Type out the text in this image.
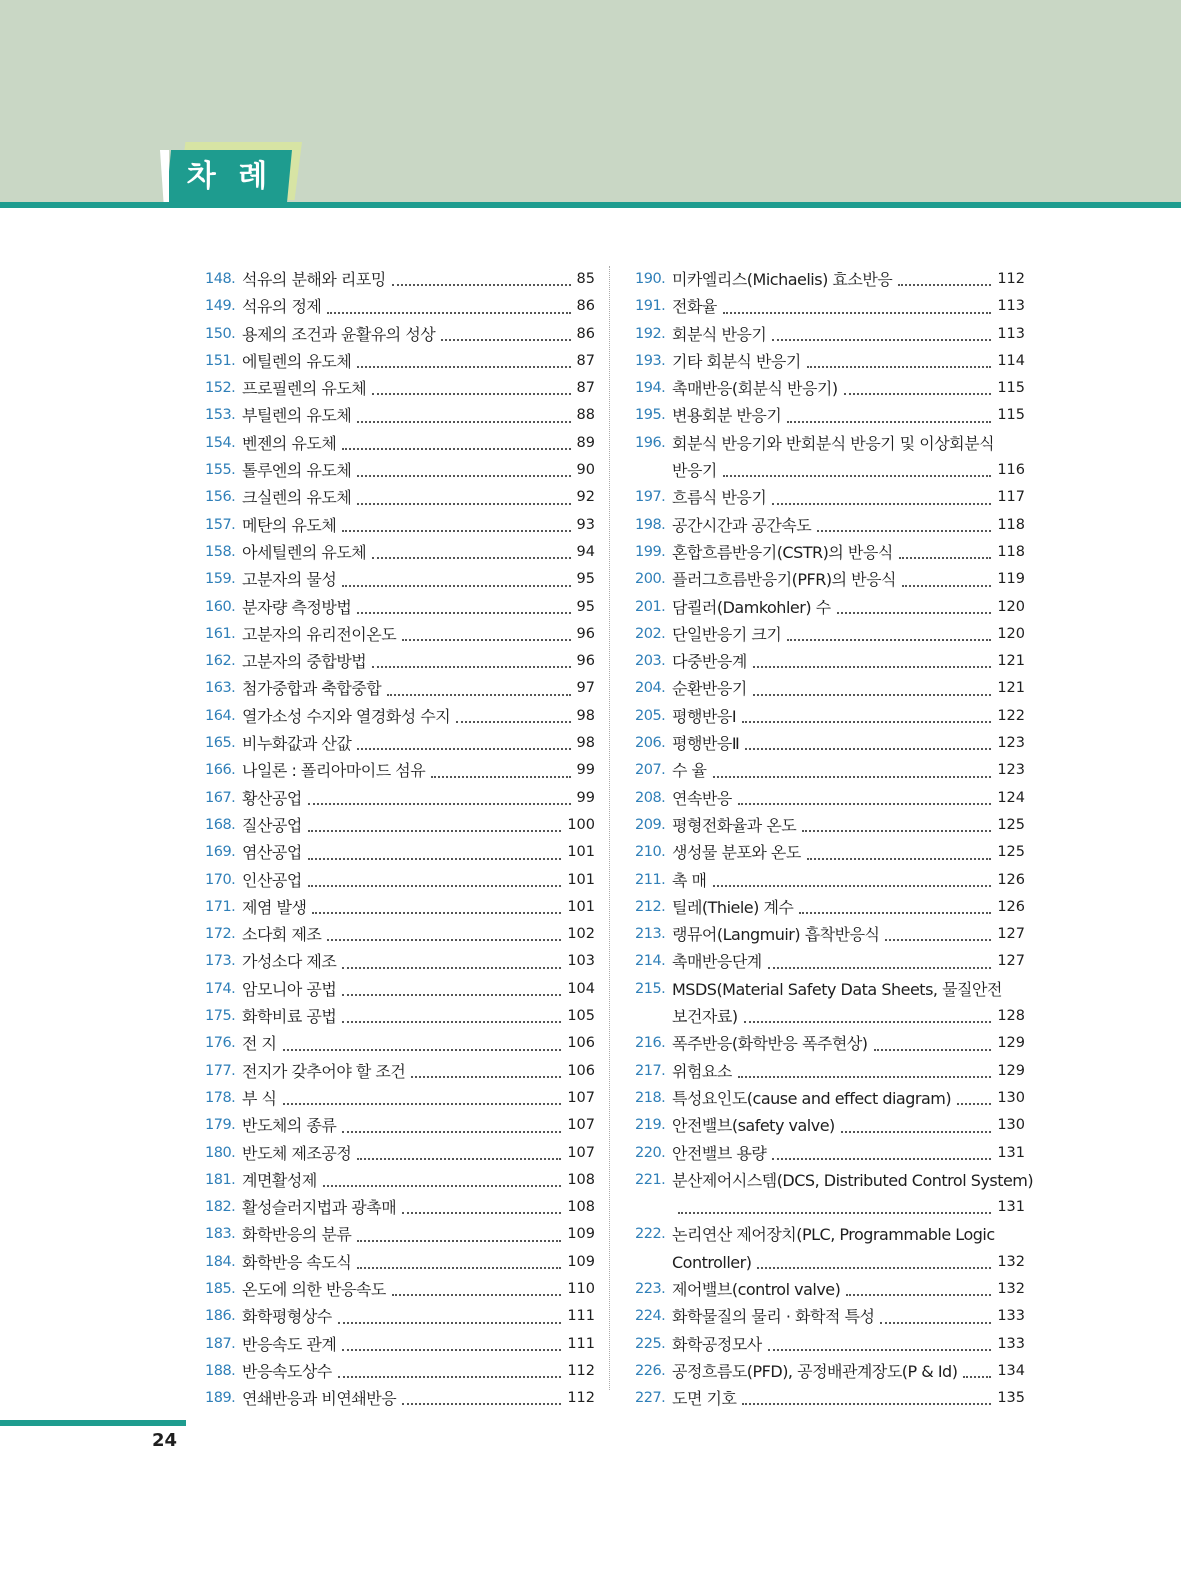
차 례
148. 석유의 분해와 리포밍	85
149. 석유의 정제	86
150. 용제의 조건과 윤활유의 성상	86
151. 에틸렌의 유도체	87
152. 프로필렌의 유도체	87
153. 부틸렌의 유도체	88
154. 벤젠의 유도체	89
155. 톨루엔의 유도체	90
156. 크실렌의 유도체	92
157. 메탄의 유도체	93
158. 아세틸렌의 유도체	94
159. 고분자의 물성	95
160. 분자량 측정방법	95
161. 고분자의 유리전이온도	96
162. 고분자의 중합방법	96
163. 첨가중합과 축합중합	97
164. 열가소성 수지와 열경화성 수지	98
165. 비누화값과 산값	98
166. 나일론 : 폴리아마이드 섬유	99
167. 황산공업	99
168. 질산공업	100
169. 염산공업	101
170. 인산공업	101
171. 제염 발생	101
172. 소다회 제조	102
173. 가성소다 제조	103
174. 암모니아 공법	104
175. 화학비료 공법	105
176. 전 지	106
177. 전지가 갖추어야 할 조건	106
178. 부 식	107
179. 반도체의 종류	107
180. 반도체 제조공정	107
181. 계면활성제	108
182. 활성슬러지법과 광촉매	108
183. 화학반응의 분류	109
184. 화학반응 속도식	109
185. 온도에 의한 반응속도	110
186. 화학평형상수	111
187. 반응속도 관계	111
188. 반응속도상수	112
189. 연쇄반응과 비연쇄반응	112
190. 미카엘리스(Michaelis) 효소반응	112
191. 전화율	113
192. 회분식 반응기	113
193. 기타 회분식 반응기	114
194. 촉매반응(회분식 반응기)	115
195. 변용회분 반응기	115
196. 회분식 반응기와 반회분식 반응기 및 이상회분식
반응기	116
197. 흐름식 반응기	117
198. 공간시간과 공간속도	118
199. 혼합흐름반응기(CSTR)의 반응식	118
200. 플러그흐름반응기(PFR)의 반응식	119
201. 담쾰러(Damkohler) 수	120
202. 단일반응기 크기	120
203. 다중반응계	121
204. 순환반응기	121
205. 평행반응Ⅰ	122
206. 평행반응Ⅱ	123
207. 수 율	123
208. 연속반응	124
209. 평형전화율과 온도	125
210. 생성물 분포와 온도	125
211. 촉 매	126
212. 틸레(Thiele) 계수	126
213. 랭뮤어(Langmuir) 흡착반응식	127
214. 촉매반응단계	127
215. MSDS(Material Safety Data Sheets, 물질안전
보건자료)	128
216. 폭주반응(화학반응 폭주현상)	129
217. 위험요소	129
218. 특성요인도(cause and effect diagram)	130
219. 안전밸브(safety valve)	130
220. 안전밸브 용량	131
221. 분산제어시스템(DCS, Distributed Control System)
131
222. 논리연산 제어장치(PLC, Programmable Logic
Controller)	132
223. 제어밸브(control valve)	132
224. 화학물질의 물리 · 화학적 특성	133
225. 화학공정모사	133
226. 공정흐름도(PFD), 공정배관계장도(P & Id)	134
227. 도면 기호	135
24
